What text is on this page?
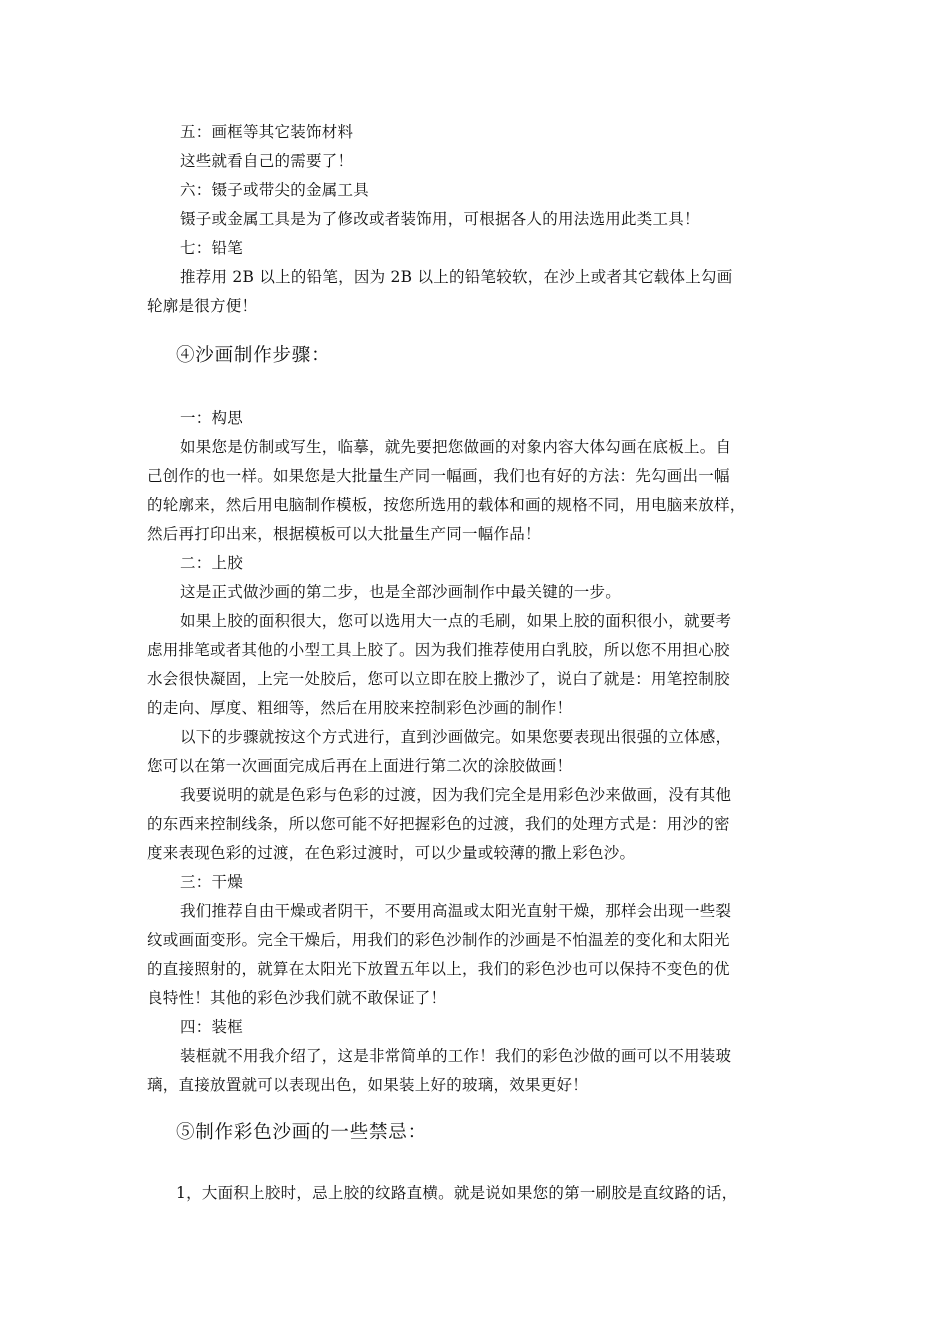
五：画框等其它装饰材料
这些就看自己的需要了！
六：镊子或带尖的金属工具
镊子或金属工具是为了修改或者装饰用，可根据各人的用法选用此类工具！
七：铅笔
推荐用 2B 以上的铅笔，因为 2B 以上的铅笔较软，在沙上或者其它载体上勾画
轮廓是很方便！
④沙画制作步骤：
一：构思
如果您是仿制或写生，临摹，就先要把您做画的对象内容大体勾画在底板上。自
己创作的也一样。如果您是大批量生产同一幅画，我们也有好的方法：先勾画出一幅
的轮廓来，然后用电脑制作模板，按您所选用的载体和画的规格不同，用电脑来放样，
然后再打印出来，根据模板可以大批量生产同一幅作品！
二：上胶
这是正式做沙画的第二步，也是全部沙画制作中最关键的一步。
如果上胶的面积很大，您可以选用大一点的毛刷，如果上胶的面积很小，就要考
虑用排笔或者其他的小型工具上胶了。因为我们推荐使用白乳胶，所以您不用担心胶
水会很快凝固，上完一处胶后，您可以立即在胶上撒沙了，说白了就是：用笔控制胶
的走向、厚度、粗细等，然后在用胶来控制彩色沙画的制作！
以下的步骤就按这个方式进行，直到沙画做完。如果您要表现出很强的立体感，
您可以在第一次画面完成后再在上面进行第二次的涂胶做画！
我要说明的就是色彩与色彩的过渡，因为我们完全是用彩色沙来做画，没有其他
的东西来控制线条，所以您可能不好把握彩色的过渡，我们的处理方式是：用沙的密
度来表现色彩的过渡，在色彩过渡时，可以少量或较薄的撒上彩色沙。
三：干燥
我们推荐自由干燥或者阴干，不要用高温或太阳光直射干燥，那样会出现一些裂
纹或画面变形。完全干燥后，用我们的彩色沙制作的沙画是不怕温差的变化和太阳光
的直接照射的，就算在太阳光下放置五年以上，我们的彩色沙也可以保持不变色的优
良特性！其他的彩色沙我们就不敢保证了！
四：装框
装框就不用我介绍了，这是非常简单的工作！我们的彩色沙做的画可以不用装玻
璃，直接放置就可以表现出色，如果装上好的玻璃，效果更好！
⑤制作彩色沙画的一些禁忌：
1，大面积上胶时，忌上胶的纹路直横。就是说如果您的第一刷胶是直纹路的话，
